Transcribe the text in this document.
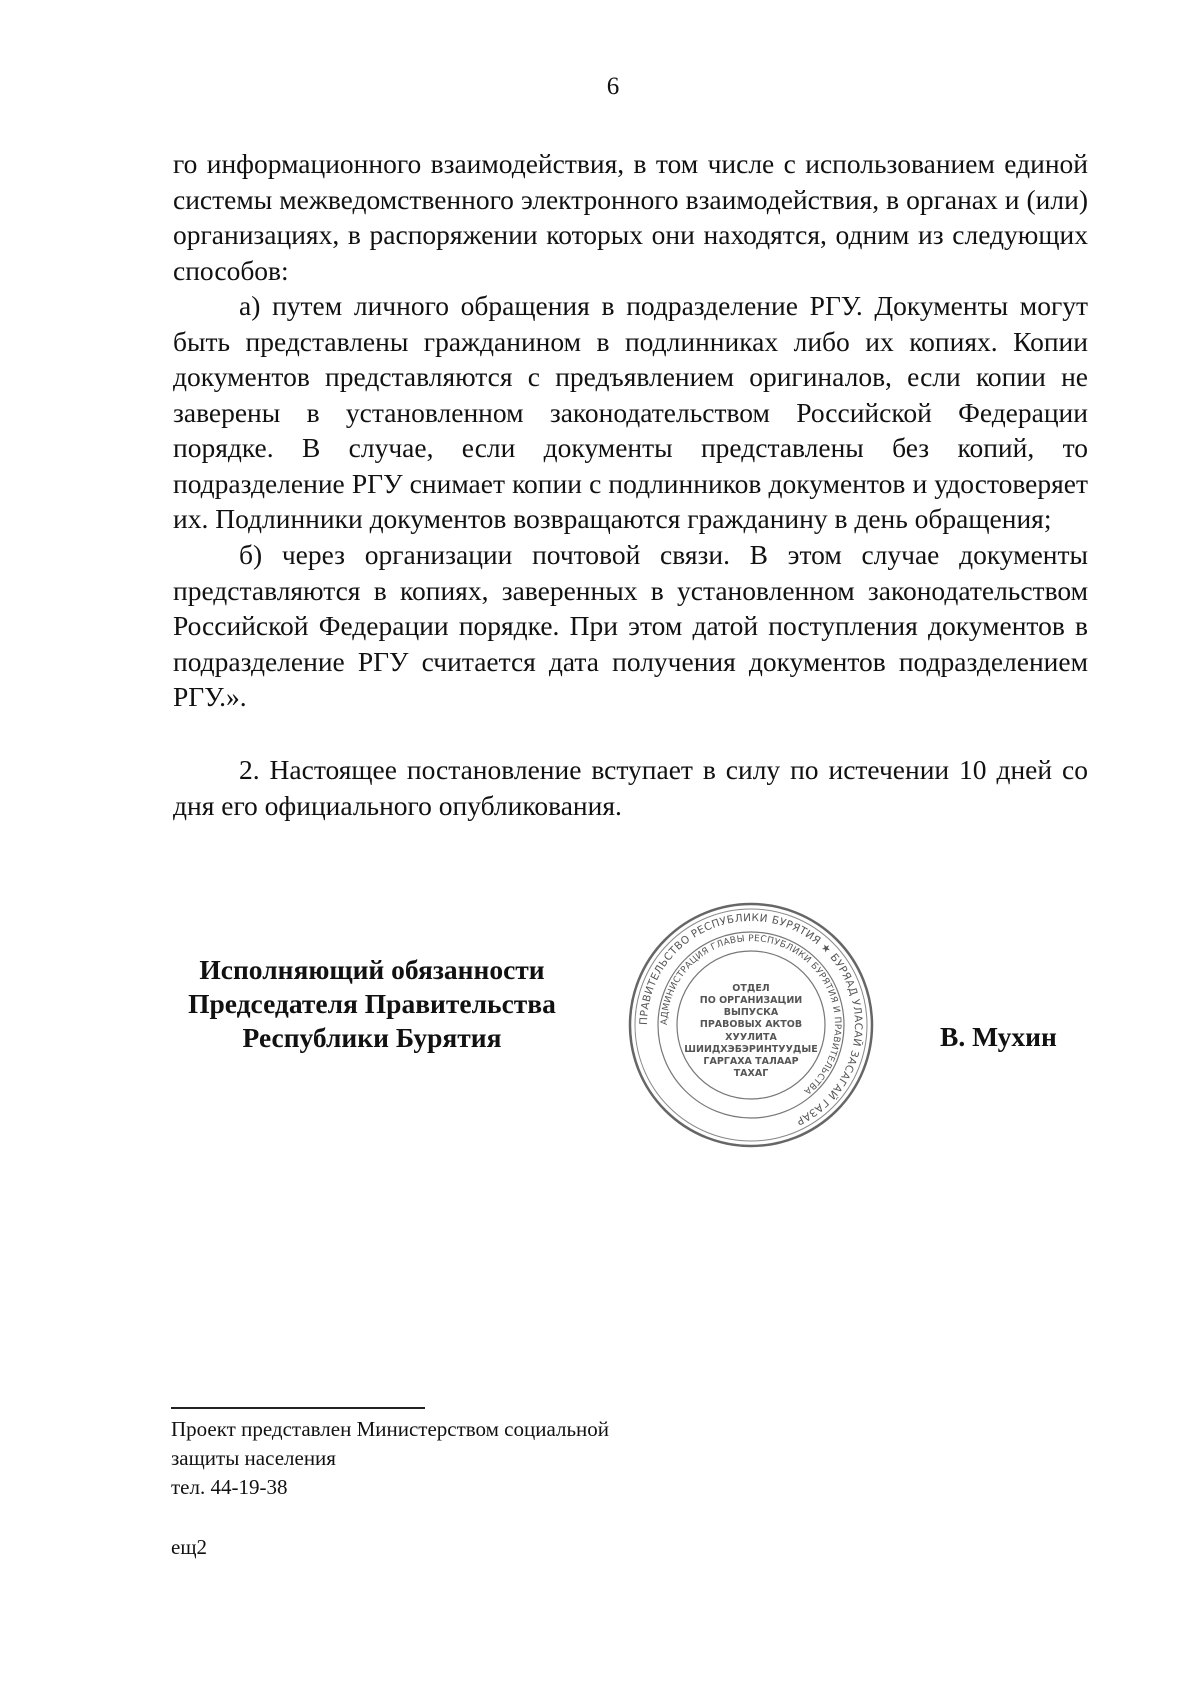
6

го информационного взаимодействия, в том числе с использованием единой системы межведомственного электронного взаимодействия, в органах и (или) организациях, в распоряжении которых они находятся, одним из следующих способов:

а) путем личного обращения в подразделение РГУ. Документы могут быть представлены гражданином в подлинниках либо их копиях. Копии документов представляются с предъявлением оригиналов, если копии не заверены в установленном законодательством Российской Федерации порядке. В случае, если документы представлены без копий, то подразделение РГУ снимает копии с подлинников документов и удостоверяет их. Подлинники документов возвращаются гражданину в день обращения;

б) через организации почтовой связи. В этом случае документы представляются в копиях, заверенных в установленном законодательством Российской Федерации порядке. При этом датой поступления документов в подразделение РГУ считается дата получения документов подразделением РГУ.».

2. Настоящее постановление вступает в силу по истечении 10 дней со дня его официального опубликования.

Исполняющий обязанности
Председателя Правительства
Республики Бурятия
ПРАВИТЕЛЬСТВО РЕСПУБЛИКИ БУРЯТИЯ ★ БУРЯАД УЛАСАЙ ЗАСАГАЙ ГАЗАР
АДМИНИСТРАЦИЯ ГЛАВЫ РЕСПУБЛИКИ БУРЯТИЯ И ПРАВИТЕЛЬСТВА
ОТДЕЛ
ПО ОРГАНИЗАЦИИ
ВЫПУСКА
ПРАВОВЫХ АКТОВ
ХУУЛИТА
ШИИДХЭБЭРИНТУУДЫЕ
ГАРГАХА ТАЛААР
ТАХАГ
В. Мухин
Проект представлен Министерством социальной
защиты населения
тел. 44-19-38
ещ2
